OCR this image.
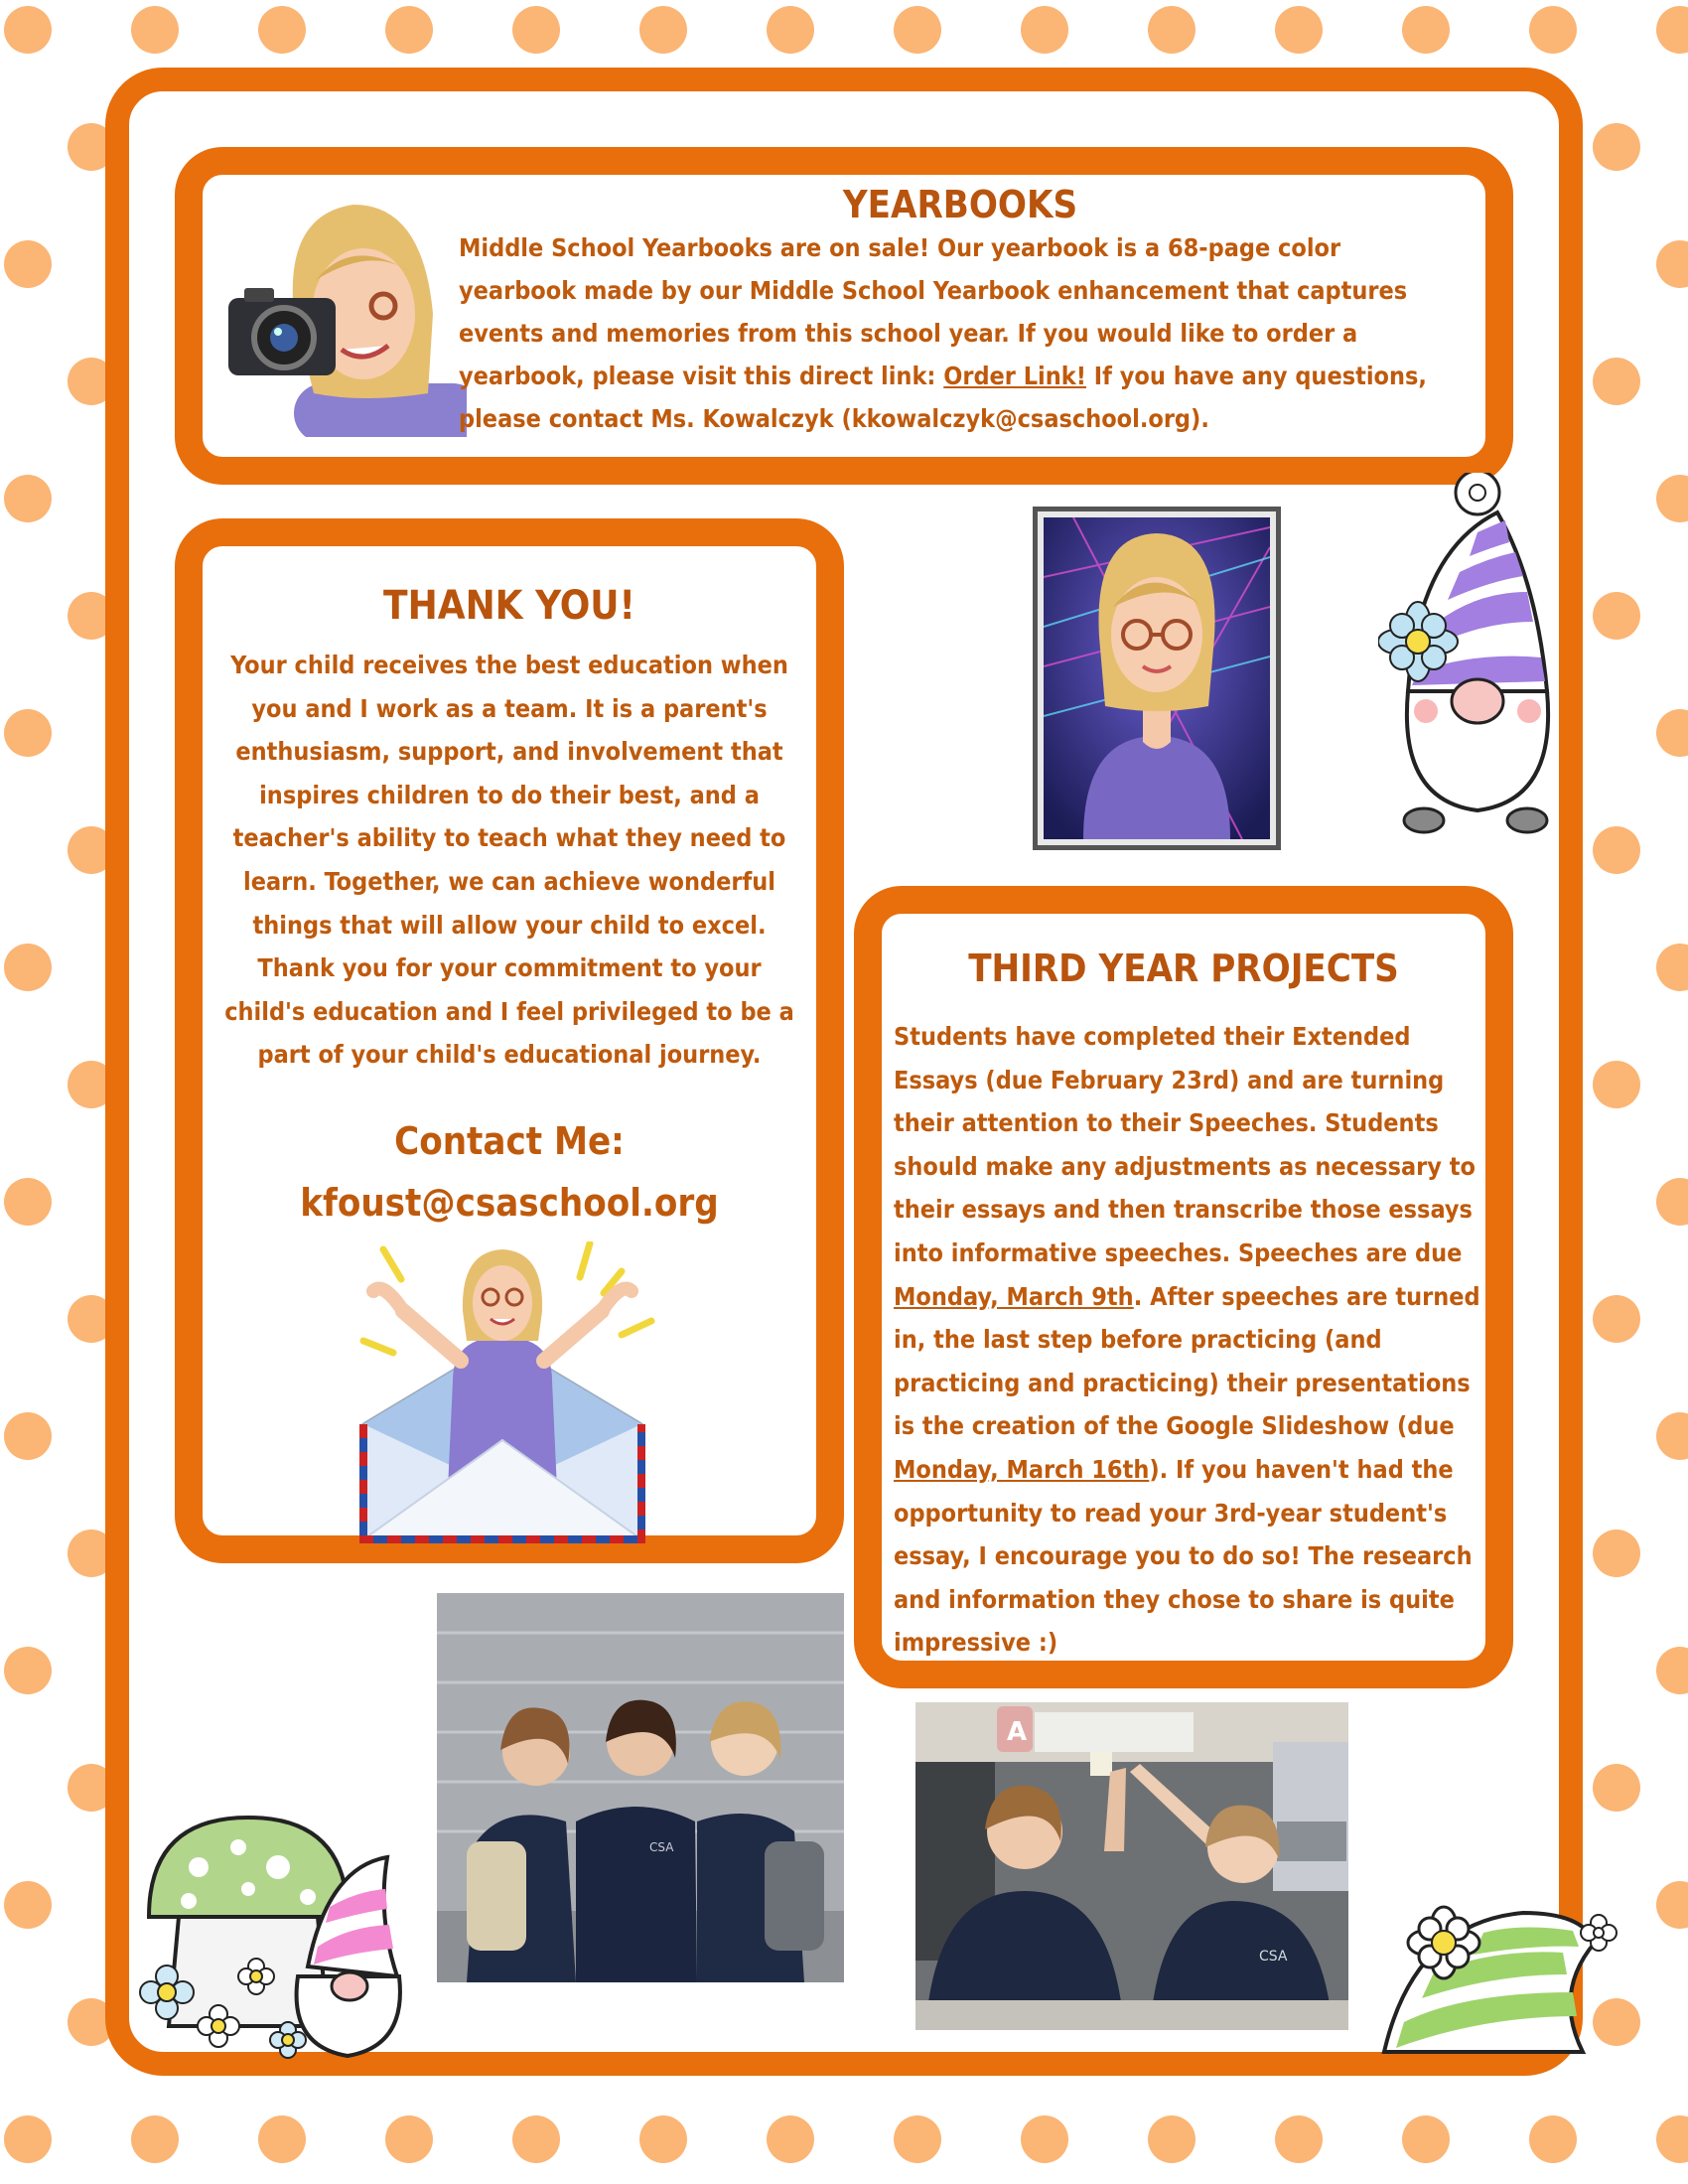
YEARBOOKS

Middle School Yearbooks are on sale! Our yearbook is a 68-page color yearbook made by our Middle School Yearbook enhancement that captures events and memories from this school year. If you would like to order a yearbook, please visit this direct link: Order Link! If you have any questions, please contact Ms. Kowalczyk (kkowalczyk@csaschool.org).

THANK YOU!

Your child receives the best education when you and I work as a team. It is a parent's enthusiasm, support, and involvement that inspires children to do their best, and a teacher's ability to teach what they need to learn. Together, we can achieve wonderful things that will allow your child to excel. Thank you for your commitment to your child's education and I feel privileged to be a part of your child's educational journey.

Contact Me:
kfoust@csaschool.org
THIRD YEAR PROJECTS

Students have completed their Extended Essays (due February 23rd) and are turning their attention to their Speeches. Students should make any adjustments as necessary to their essays and then transcribe those essays into informative speeches. Speeches are due Monday, March 9th. After speeches are turned in, the last step before practicing (and practicing and practicing) their presentations is the creation of the Google Slideshow (due Monday, March 16th). If you haven't had the opportunity to read your 3rd-year student's essay, I encourage you to do so! The research and information they chose to share is quite impressive :)

CSA
A
CSA
